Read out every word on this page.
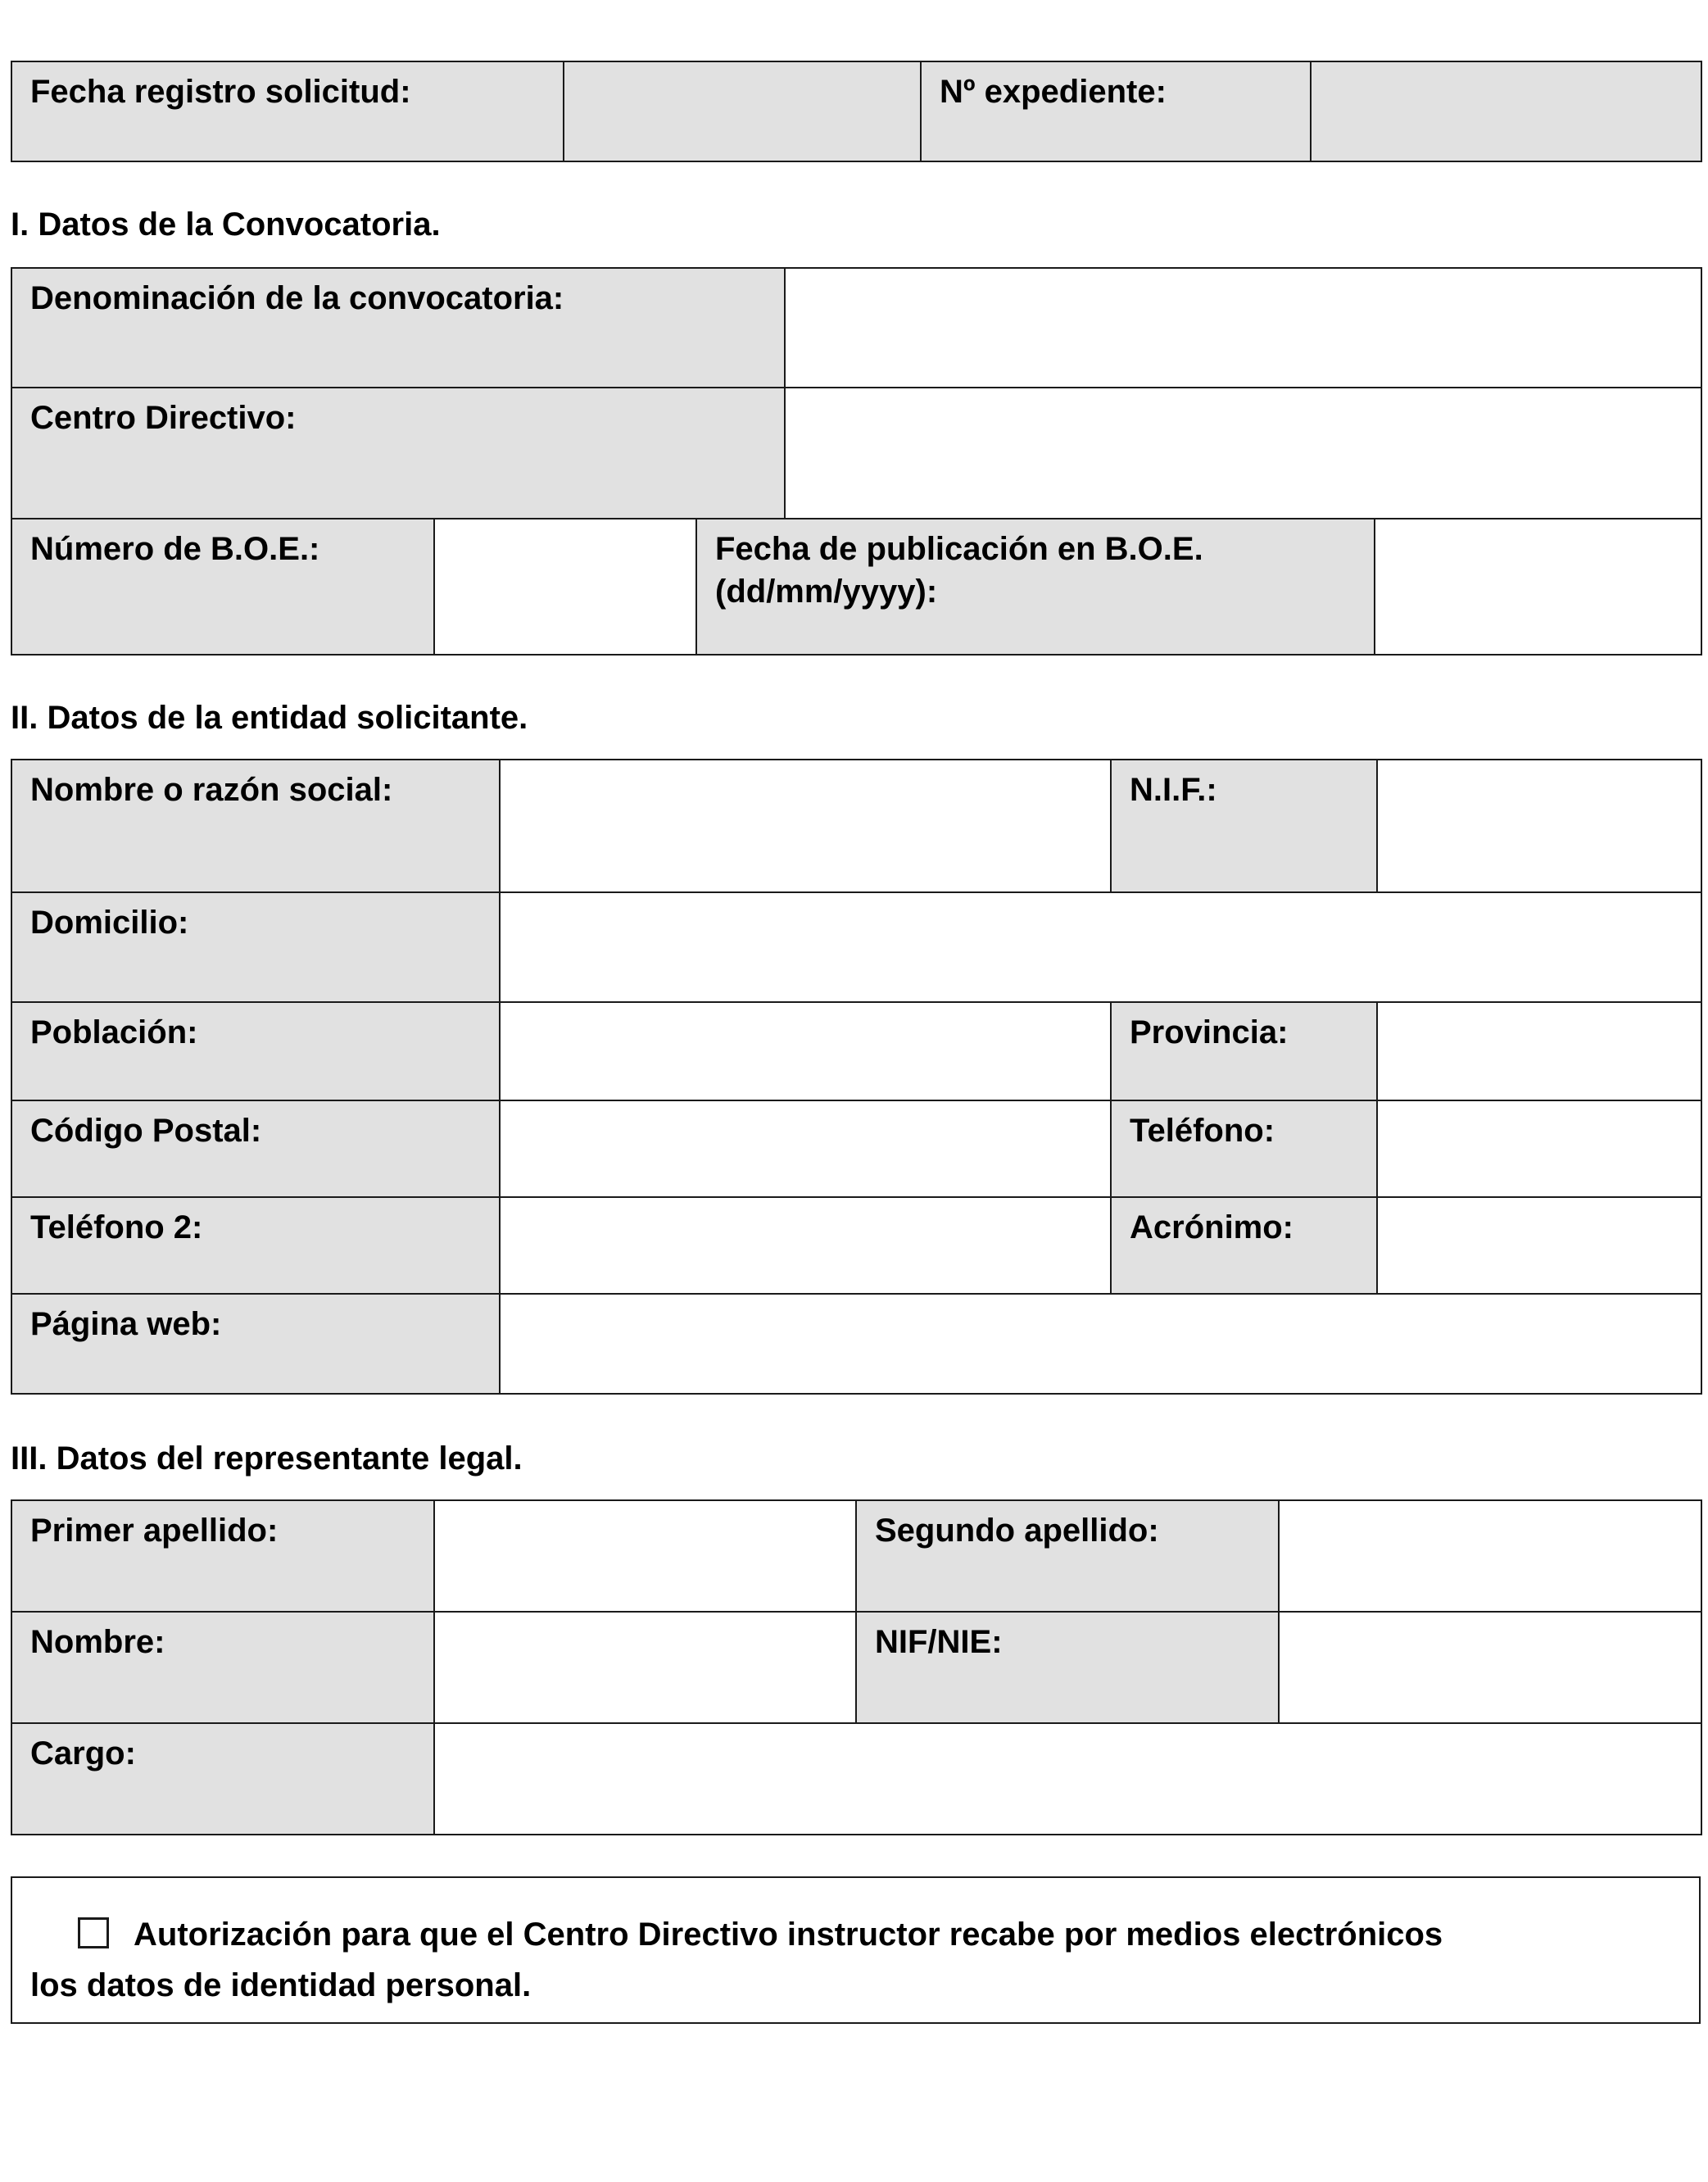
Fecha registro solicitud:		Nº expediente:	
I. Datos de la Convocatoria.
Denominación de la convocatoria:				
Centro Directivo:				
Número de B.O.E.:		Fecha de publicación en B.O.E. (dd/mm/yyyy):		
II. Datos de la entidad solicitante.
Nombre o razón social:		N.I.F.:	
Domicilio:			
Población:		Provincia:	
Código Postal:		Teléfono:	
Teléfono 2:		Acrónimo:	
Página web:			
III. Datos del representante legal.
Primer apellido:		Segundo apellido:	
Nombre:		NIF/NIE:	
Cargo:			
Autorización para que el Centro Directivo instructor recabe por medios electrónicos
los datos de identidad personal.
